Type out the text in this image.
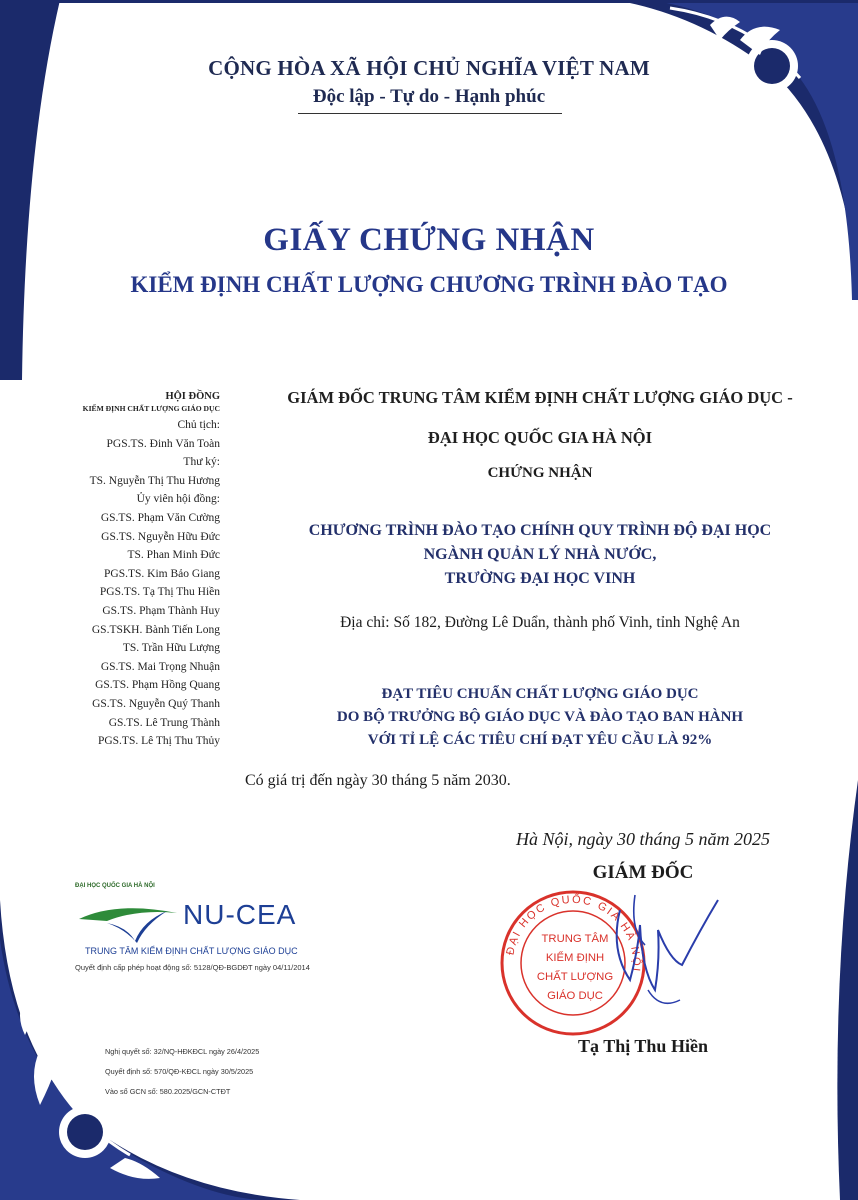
CỘNG HÒA XÃ HỘI CHỦ NGHĨA VIỆT NAM
Độc lập - Tự do - Hạnh phúc
GIẤY CHỨNG NHẬN
KIỂM ĐỊNH CHẤT LƯỢNG CHƯƠNG TRÌNH ĐÀO TẠO
HỘI ĐỒNG
KIỂM ĐỊNH CHẤT LƯỢNG GIÁO DỤC
Chủ tịch:
PGS.TS. Đinh Văn Toàn
Thư ký:
TS. Nguyễn Thị Thu Hương
Ủy viên hội đồng:
GS.TS. Phạm Văn Cường
GS.TS. Nguyễn Hữu Đức
TS. Phan Minh Đức
PGS.TS. Kim Bảo Giang
PGS.TS. Tạ Thị Thu Hiền
GS.TS. Phạm Thành Huy
GS.TSKH. Bành Tiến Long
TS. Trần Hữu Lượng
GS.TS. Mai Trọng Nhuận
GS.TS. Phạm Hồng Quang
GS.TS. Nguyễn Quý Thanh
GS.TS. Lê Trung Thành
PGS.TS. Lê Thị Thu Thủy
GIÁM ĐỐC TRUNG TÂM KIỂM ĐỊNH CHẤT LƯỢNG GIÁO DỤC -
ĐẠI HỌC QUỐC GIA HÀ NỘI
CHỨNG NHẬN
CHƯƠNG TRÌNH ĐÀO TẠO CHÍNH QUY TRÌNH ĐỘ ĐẠI HỌC
NGÀNH QUẢN LÝ NHÀ NƯỚC,
TRƯỜNG ĐẠI HỌC VINH
Địa chỉ: Số 182, Đường Lê Duẩn, thành phố Vinh, tỉnh Nghệ An
ĐẠT TIÊU CHUẨN CHẤT LƯỢNG GIÁO DỤC
DO BỘ TRƯỞNG BỘ GIÁO DỤC VÀ ĐÀO TẠO BAN HÀNH
VỚI TỈ LỆ CÁC TIÊU CHÍ ĐẠT YÊU CẦU LÀ 92%
Có giá trị đến ngày 30 tháng 5 năm 2030.
Hà Nội, ngày 30 tháng 5 năm 2025
GIÁM ĐỐC
ĐẠI HỌC QUỐC GIA HÀ NỘI
TRUNG TÂM
KIỂM ĐỊNH
CHẤT LƯỢNG
GIÁO DỤC
Tạ Thị Thu Hiền
ĐẠI HỌC QUỐC GIA HÀ NỘI
NU-CEA
TRUNG TÂM KIỂM ĐỊNH CHẤT LƯỢNG GIÁO DỤC
Quyết định cấp phép hoạt động số: 5128/QĐ-BGDĐT ngày 04/11/2014
Nghị quyết số: 32/NQ-HĐKĐCL ngày 26/4/2025
Quyết định số: 570/QĐ-KĐCL ngày 30/5/2025
Vào sổ GCN số: 580.2025/GCN-CTĐT
